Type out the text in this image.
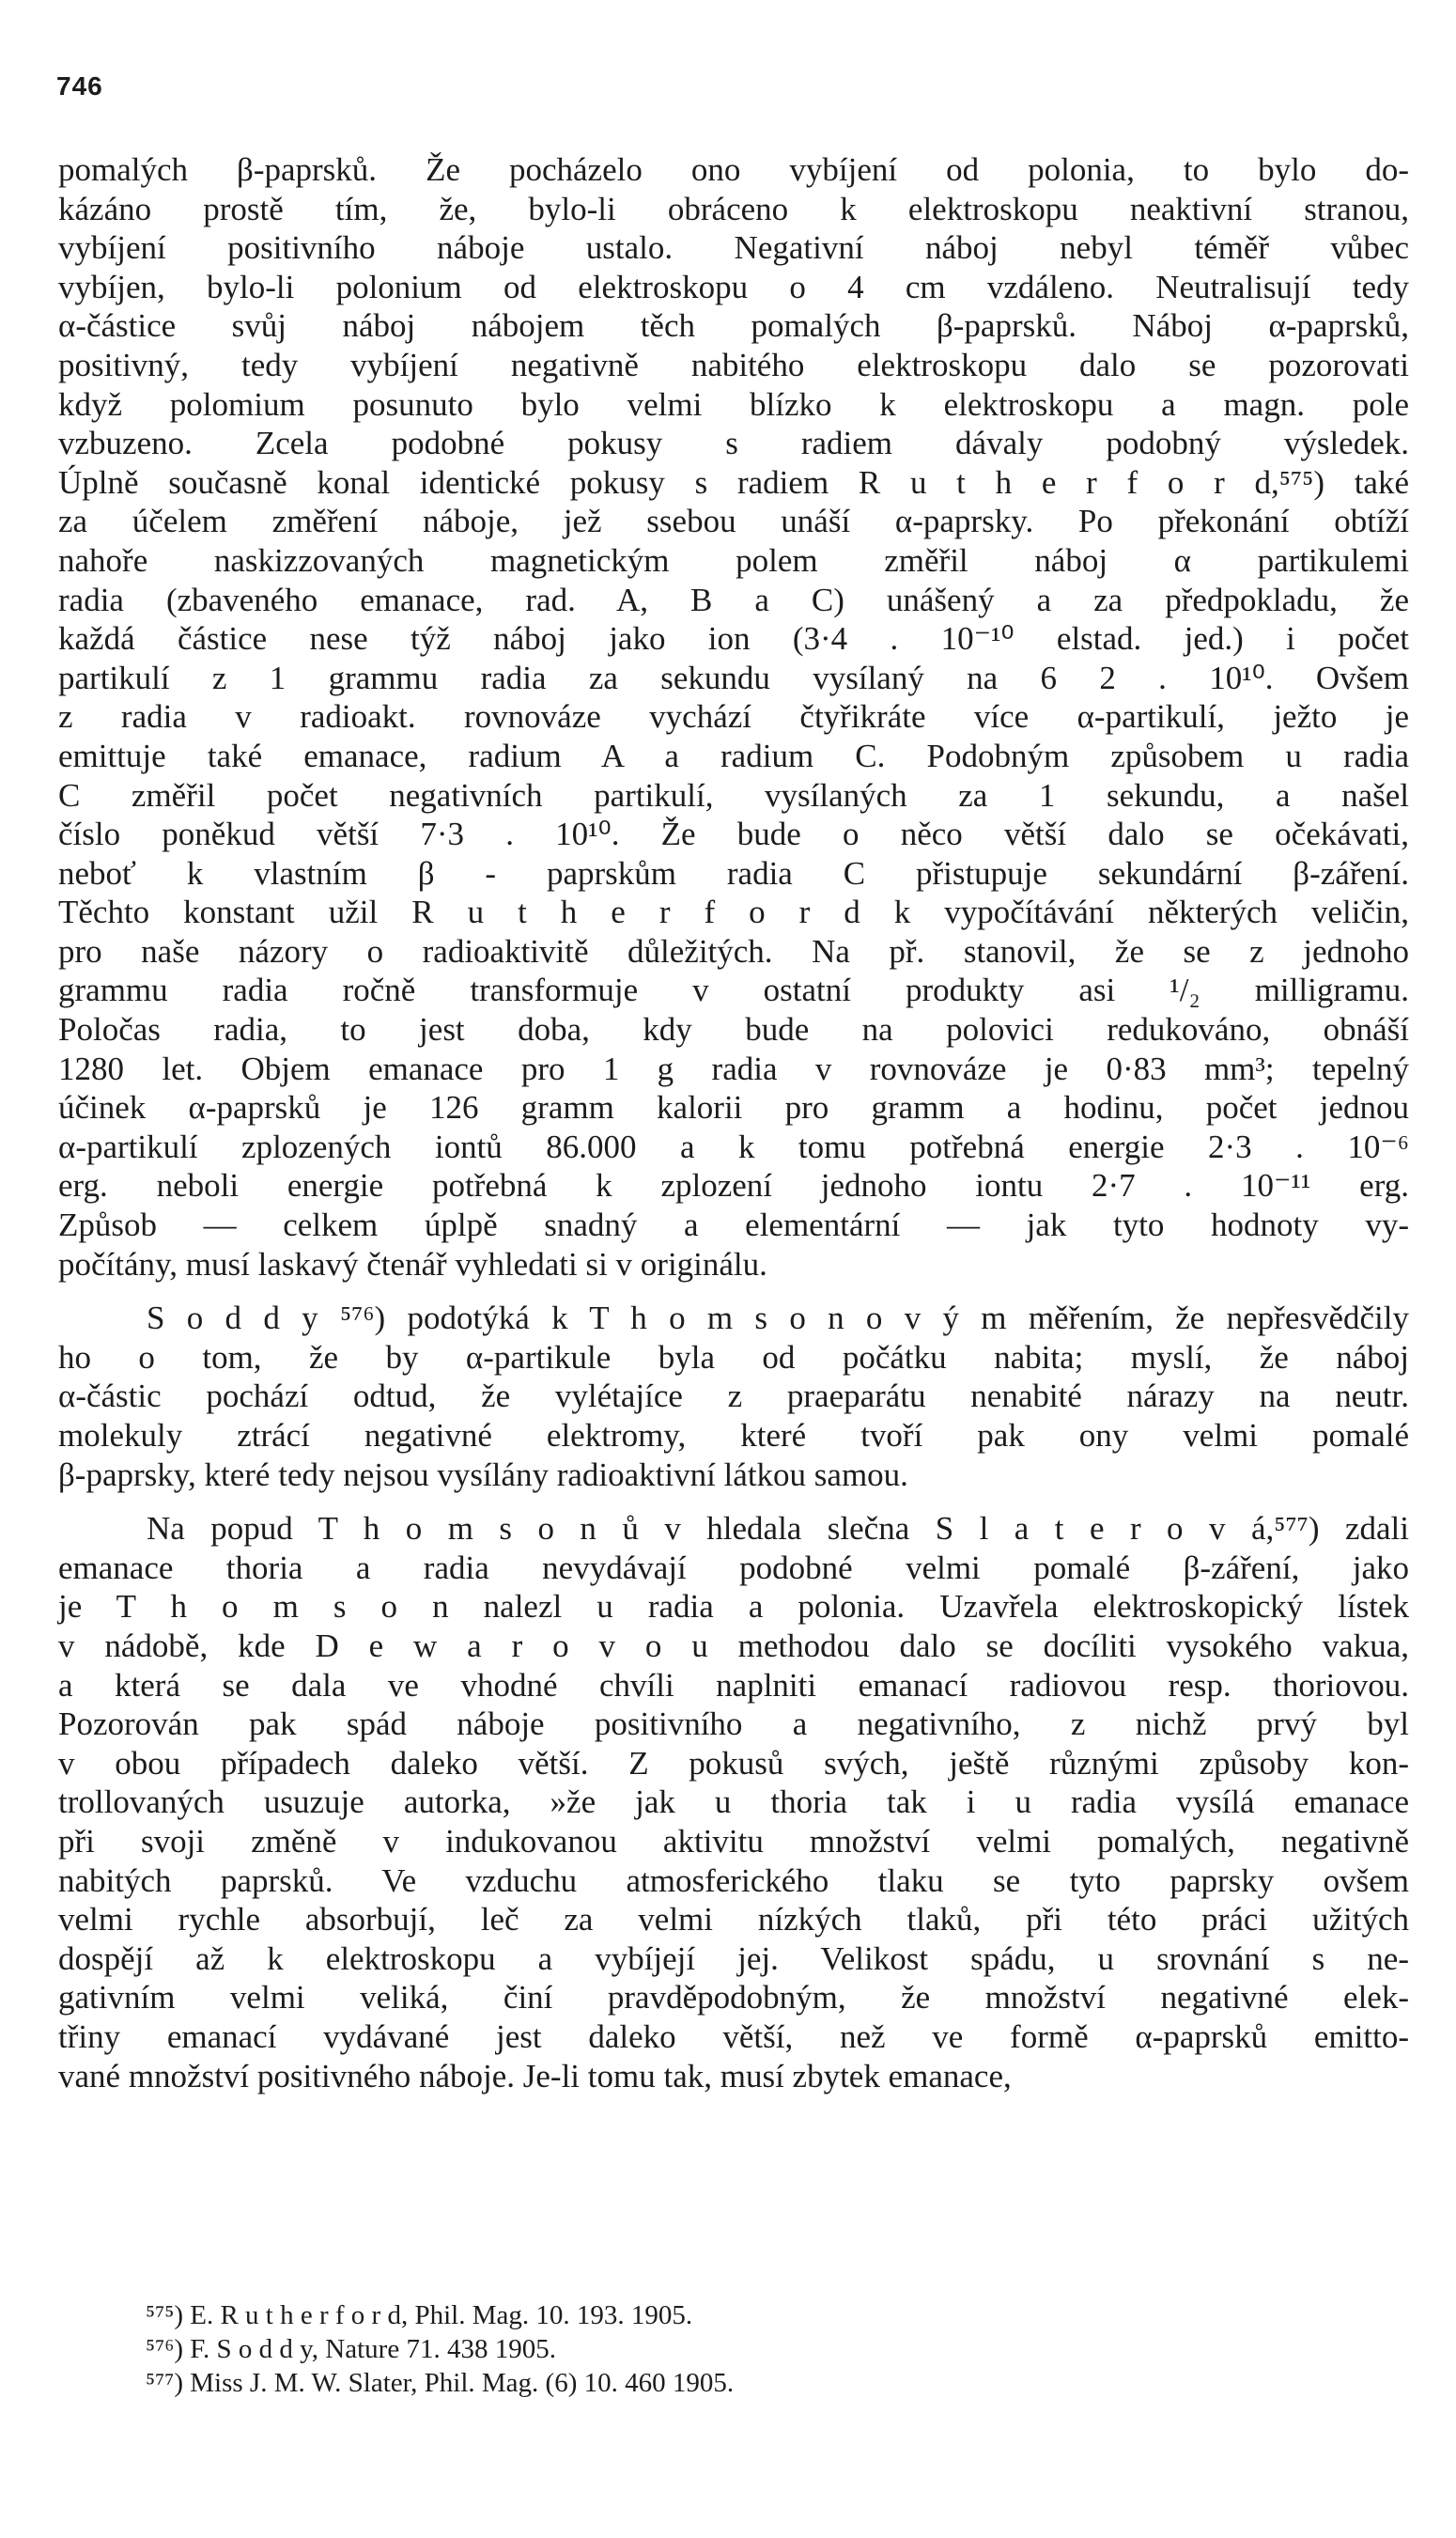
746
pomalých β-paprsků. Že pocházelo ono vybíjení od polonia, to bylo do-
kázáno prostě tím, že, bylo-li obráceno k elektroskopu neaktivní stranou,
vybíjení positivního náboje ustalo. Negativní náboj nebyl téměř vůbec
vybíjen, bylo-li polonium od elektroskopu o 4 cm vzdáleno. Neutralisují tedy
α-částice svůj náboj nábojem těch pomalých β-paprsků. Náboj α-paprsků,
positivný, tedy vybíjení negativně nabitého elektroskopu dalo se pozorovati
když polomium posunuto bylo velmi blízko k elektroskopu a magn. pole
vzbuzeno. Zcela podobné pokusy s radiem dávaly podobný výsledek.
Úplně současně konal identické pokusy s radiem R u t h e r f o r d,⁵⁷⁵) také
za účelem změření náboje, jež ssebou unáší α-paprsky. Po překonání obtíží
nahoře naskizzovaných magnetickým polem změřil náboj α partikulemi
radia (zbaveného emanace, rad. A, B a C) unášený a za předpokladu, že
každá částice nese týž náboj jako ion (3·4 . 10⁻¹⁰ elstad. jed.) i počet
partikulí z 1 grammu radia za sekundu vysílaný na 6 2 . 10¹⁰. Ovšem
z radia v radioakt. rovnováze vychází čtyřikráte více α-partikulí, ježto je
emittuje také emanace, radium A a radium C. Podobným způsobem u radia
C změřil počet negativních partikulí, vysílaných za 1 sekundu, a našel
číslo poněkud větší 7·3 . 10¹⁰. Že bude o něco větší dalo se očekávati,
neboť k vlastním β - paprskům radia C přistupuje sekundární β-záření.
Těchto konstant užil R u t h e r f o r d k vypočítávání některých veličin,
pro naše názory o radioaktivitě důležitých. Na př. stanovil, že se z jednoho
grammu radia ročně transformuje v ostatní produkty asi ¹/₂ milligramu.
Poločas radia, to jest doba, kdy bude na polovici redukováno, obnáší
1280 let. Objem emanace pro 1 g radia v rovnováze je 0·83 mm³; tepelný
účinek α-paprsků je 126 gramm kalorii pro gramm a hodinu, počet jednou
α-partikulí zplozených iontů 86.000 a k tomu potřebná energie 2·3 . 10⁻⁶
erg. neboli energie potřebná k zplození jednoho iontu 2·7 . 10⁻¹¹ erg.
Způsob — celkem úplpě snadný a elementární — jak tyto hodnoty vy-
počítány, musí laskavý čtenář vyhledati si v originálu.
S o d d y ⁵⁷⁶) podotýká k T h o m s o n o v ý m měřením, že nepřesvědčily
ho o tom, že by α-partikule byla od počátku nabita; myslí, že náboj
α-částic pochází odtud, že vylétajíce z praeparátu nenabité nárazy na neutr.
molekuly ztrácí negativné elektromy, které tvoří pak ony velmi pomalé
β-paprsky, které tedy nejsou vysílány radioaktivní látkou samou.
Na popud T h o m s o n ů v hledala slečna S l a t e r o v á,⁵⁷⁷) zdali
emanace thoria a radia nevydávají podobné velmi pomalé β-záření, jako
je T h o m s o n nalezl u radia a polonia. Uzavřela elektroskopický lístek
v nádobě, kde D e w a r o v o u methodou dalo se docíliti vysokého vakua,
a která se dala ve vhodné chvíli naplniti emanací radiovou resp. thoriovou.
Pozorován pak spád náboje positivního a negativního, z nichž prvý byl
v obou případech daleko větší. Z pokusů svých, ještě různými způsoby kon-
trollovaných usuzuje autorka, »že jak u thoria tak i u radia vysílá emanace
při svoji změně v indukovanou aktivitu množství velmi pomalých, negativně
nabitých paprsků. Ve vzduchu atmosferického tlaku se tyto paprsky ovšem
velmi rychle absorbují, leč za velmi nízkých tlaků, při této práci užitých
dospějí až k elektroskopu a vybíjejí jej. Velikost spádu, u srovnání s ne-
gativním velmi veliká, činí pravděpodobným, že množství negativné elek-
třiny emanací vydávané jest daleko větší, než ve formě α-paprsků emitto-
vané množství positivného náboje. Je-li tomu tak, musí zbytek emanace,
⁵⁷⁵) E. R u t h e r f o r d, Phil. Mag. 10. 193. 1905.
⁵⁷⁶) F. S o d d y, Nature 71. 438 1905.
⁵⁷⁷) Miss J. M. W. Slater, Phil. Mag. (6) 10. 460 1905.
